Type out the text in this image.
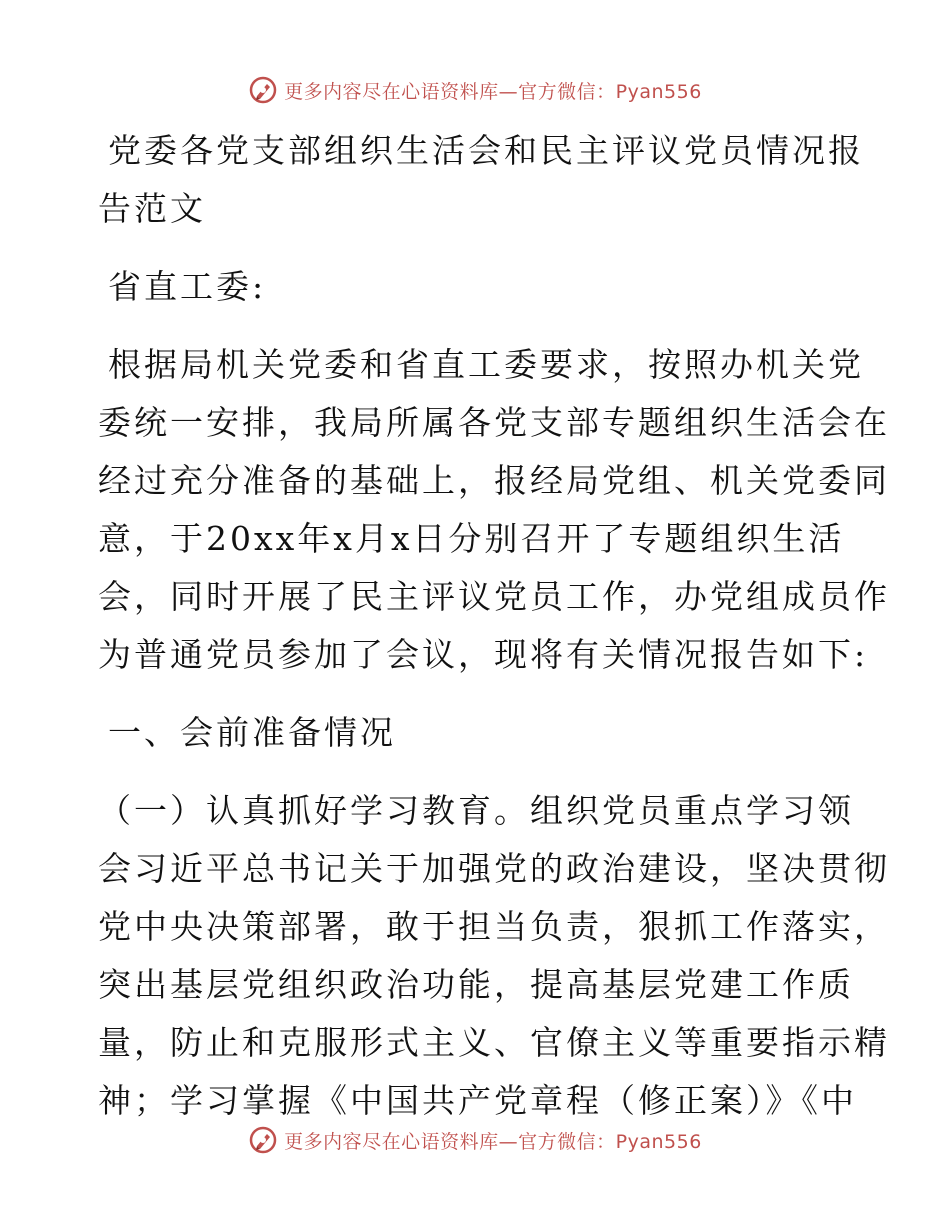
更多内容尽在心语资料库—官方微信：Pyan556
党委各党支部组织生活会和民主评议党员情况报
告范文
省直工委:
根据局机关党委和省直工委要求，按照办机关党
委统一安排，我局所属各党支部专题组织生活会在
经过充分准备的基础上，报经局党组、机关党委同
意，于20xx年x月x日分别召开了专题组织生活
会，同时开展了民主评议党员工作，办党组成员作
为普通党员参加了会议，现将有关情况报告如下:
一、会前准备情况
（一）认真抓好学习教育。组织党员重点学习领
会习近平总书记关于加强党的政治建设，坚决贯彻
党中央决策部署，敢于担当负责，狠抓工作落实，
突出基层党组织政治功能，提高基层党建工作质
量，防止和克服形式主义、官僚主义等重要指示精
神；学习掌握《中国共产党章程（修正案）》《中
更多内容尽在心语资料库—官方微信：Pyan556
